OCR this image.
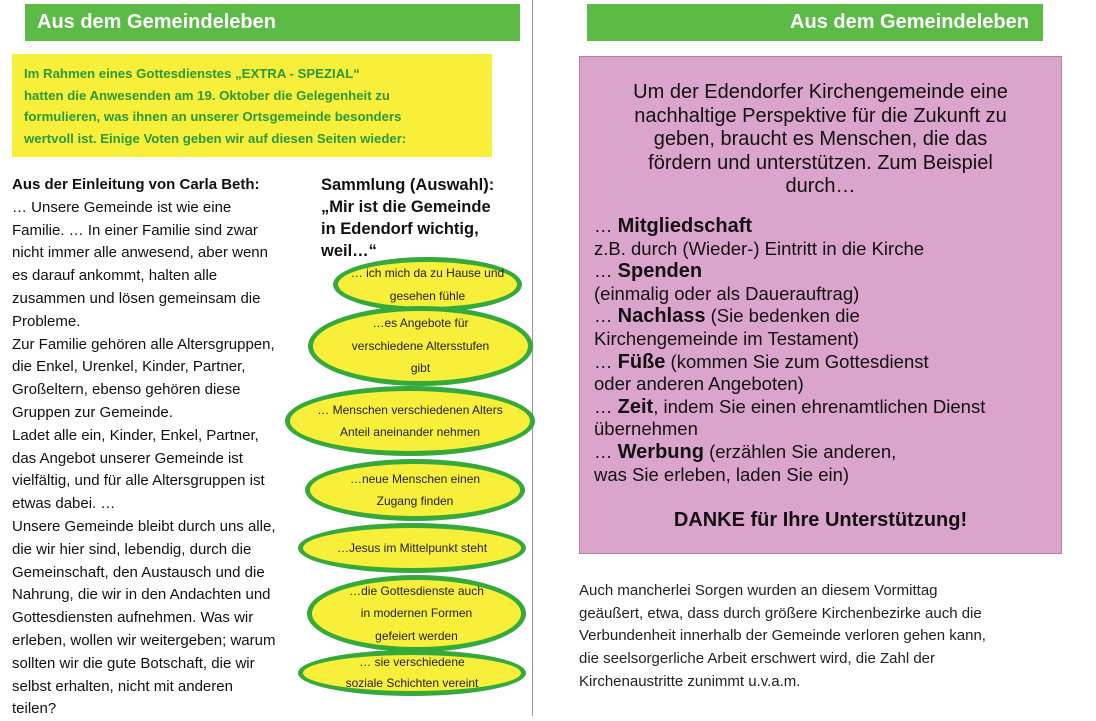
Aus dem Gemeindeleben	Aus dem Gemeindeleben
Im Rahmen eines Gottesdienstes „EXTRA - SPEZIAL“
hatten die Anwesenden am 19. Oktober die Gelegenheit zu
formulieren, was ihnen an unserer Ortsgemeinde besonders
wertvoll ist. Einige Voten geben wir auf diesen Seiten wieder:
Aus der Einleitung von Carla Beth:
… Unsere Gemeinde ist wie eine
Familie. … In einer Familie sind zwar
nicht immer alle anwesend, aber wenn
es darauf ankommt, halten alle
zusammen und lösen gemeinsam die
Probleme.
Zur Familie gehören alle Altersgruppen,
die Enkel, Urenkel, Kinder, Partner,
Großeltern, ebenso gehören diese
Gruppen zur Gemeinde.
Ladet alle ein, Kinder, Enkel, Partner,
das Angebot unserer Gemeinde ist
vielfältig, und für alle Altersgruppen ist
etwas dabei. …
Unsere Gemeinde bleibt durch uns alle,
die wir hier sind, lebendig, durch die
Gemeinschaft, den Austausch und die
Nahrung, die wir in den Andachten und
Gottesdiensten aufnehmen. Was wir
erleben, wollen wir weitergeben; warum
sollten wir die gute Botschaft, die wir
selbst erhalten, nicht mit anderen
teilen?
Sammlung (Auswahl):
„Mir ist die Gemeinde
in Edendorf wichtig,
weil…“
… ich mich da zu Hause und
gesehen fühle
…es Angebote für
verschiedene Altersstufen
gibt
… Menschen verschiedenen Alters
Anteil aneinander nehmen
…neue Menschen einen
Zugang finden
…Jesus im Mittelpunkt steht
…die Gottesdienste auch
in modernen Formen
gefeiert werden
… sie verschiedene
soziale Schichten vereint
Um der Edendorfer Kirchengemeinde eine
nachhaltige Perspektive für die Zukunft zu
geben, braucht es Menschen, die das
fördern und unterstützen. Zum Beispiel
durch…
… Mitgliedschaft
z.B. durch (Wieder-) Eintritt in die Kirche
… Spenden
(einmalig oder als Dauerauftrag)
… Nachlass (Sie bedenken die
Kirchengemeinde im Testament)
… Füße (kommen Sie zum Gottesdienst
oder anderen Angeboten)
… Zeit, indem Sie einen ehrenamtlichen Dienst
übernehmen
… Werbung (erzählen Sie anderen,
was Sie erleben, laden Sie ein)
DANKE für Ihre Unterstützung!
Auch mancherlei Sorgen wurden an diesem Vormittag
geäußert, etwa, dass durch größere Kirchenbezirke auch die
Verbundenheit innerhalb der Gemeinde verloren gehen kann,
die seelsorgerliche Arbeit erschwert wird, die Zahl der
Kirchenaustritte zunimmt u.v.a.m.
